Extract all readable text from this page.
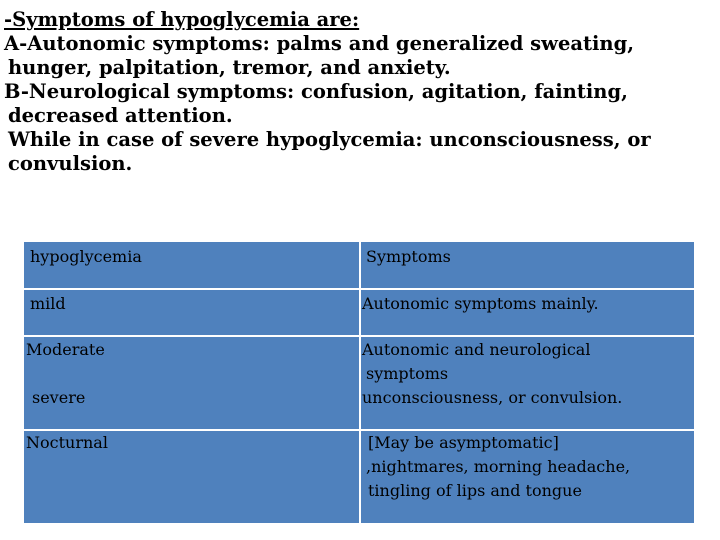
-Symptoms of hypoglycemia are:
A-Autonomic symptoms: palms and generalized sweating,
hunger, palpitation, tremor, and anxiety.
B-Neurological symptoms: confusion, agitation, fainting,
decreased attention.
While in case of severe hypoglycemia: unconsciousness, or
convulsion.
hypoglycemia	Symptoms
mild	Autonomic symptoms mainly.
Moderate	Autonomic and neurological
symptoms
severe	unconsciousness, or convulsion.
Nocturnal	[May be asymptomatic]
,nightmares, morning headache,
tingling of lips and tongue
